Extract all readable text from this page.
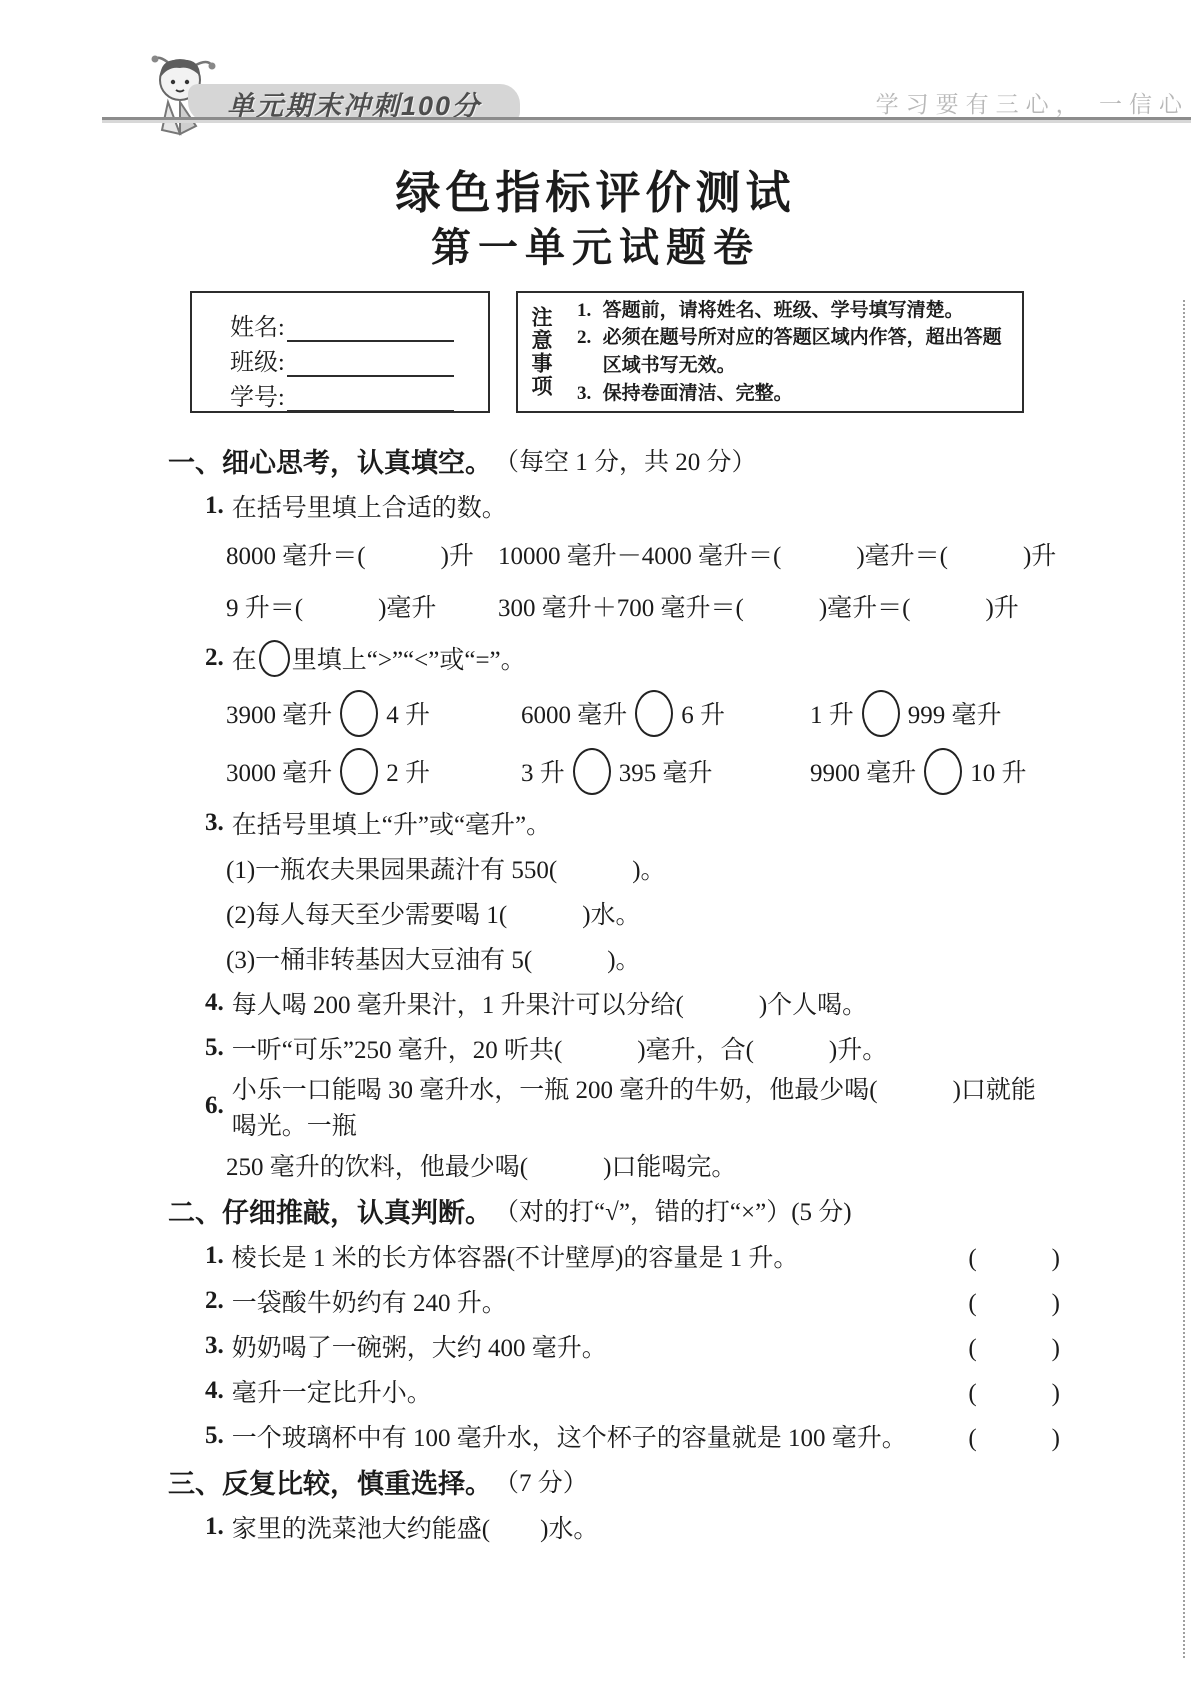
单元期末冲刺100分	学习要有三心， 一信心
绿色指标评价测试
第一单元试题卷
姓名:
班级:
学号:	注意事项 1. 答题前，请将姓名、班级、学号填写清楚。
2. 必须在题号所对应的答题区域内作答，超出答题区域书写无效。
3. 保持卷面清洁、完整。
一、细心思考，认真填空。 （每空 1 分，共 20 分）
1. 在括号里填上合适的数。
8000 毫升＝(　　　)升 10000 毫升－4000 毫升＝(　　　)毫升＝(　　　)升
9 升＝(　　　)毫升	300 毫升＋700 毫升＝(　　　)毫升＝(　　　)升
2. 在 里填上“>”“<”或“=”。
3900 毫升 4 升	6000 毫升 6 升	1 升 999 毫升
3000 毫升 2 升	3 升 395 毫升	9900 毫升 10 升
3. 在括号里填上“升”或“毫升”。
(1)一瓶农夫果园果蔬汁有 550(　　　)。
(2)每人每天至少需要喝 1(　　　)水。
(3)一桶非转基因大豆油有 5(　　　)。
4. 每人喝 200 毫升果汁，1 升果汁可以分给(　　　)个人喝。
5. 一听“可乐”250 毫升，20 听共(　　　)毫升，合(　　　)升。
6.
小乐一口能喝 30 毫升水，一瓶 200 毫升的牛奶，他最少喝(　　　)口就能喝光。一瓶
250 毫升的饮料，他最少喝(　　　)口能喝完。
二、仔细推敲，认真判断。 （对的打“√”，错的打“×”）(5 分)
1. 棱长是 1 米的长方体容器(不计壁厚)的容量是 1 升。	(　　　)
2. 一袋酸牛奶约有 240 升。	(　　　)
3. 奶奶喝了一碗粥，大约 400 毫升。	(　　　)
4. 毫升一定比升小。	(　　　)
5. 一个玻璃杯中有 100 毫升水，这个杯子的容量就是 100 毫升。 (　　　)
三、反复比较，慎重选择。 （7 分）
1. 家里的洗菜池大约能盛(　　)水。
